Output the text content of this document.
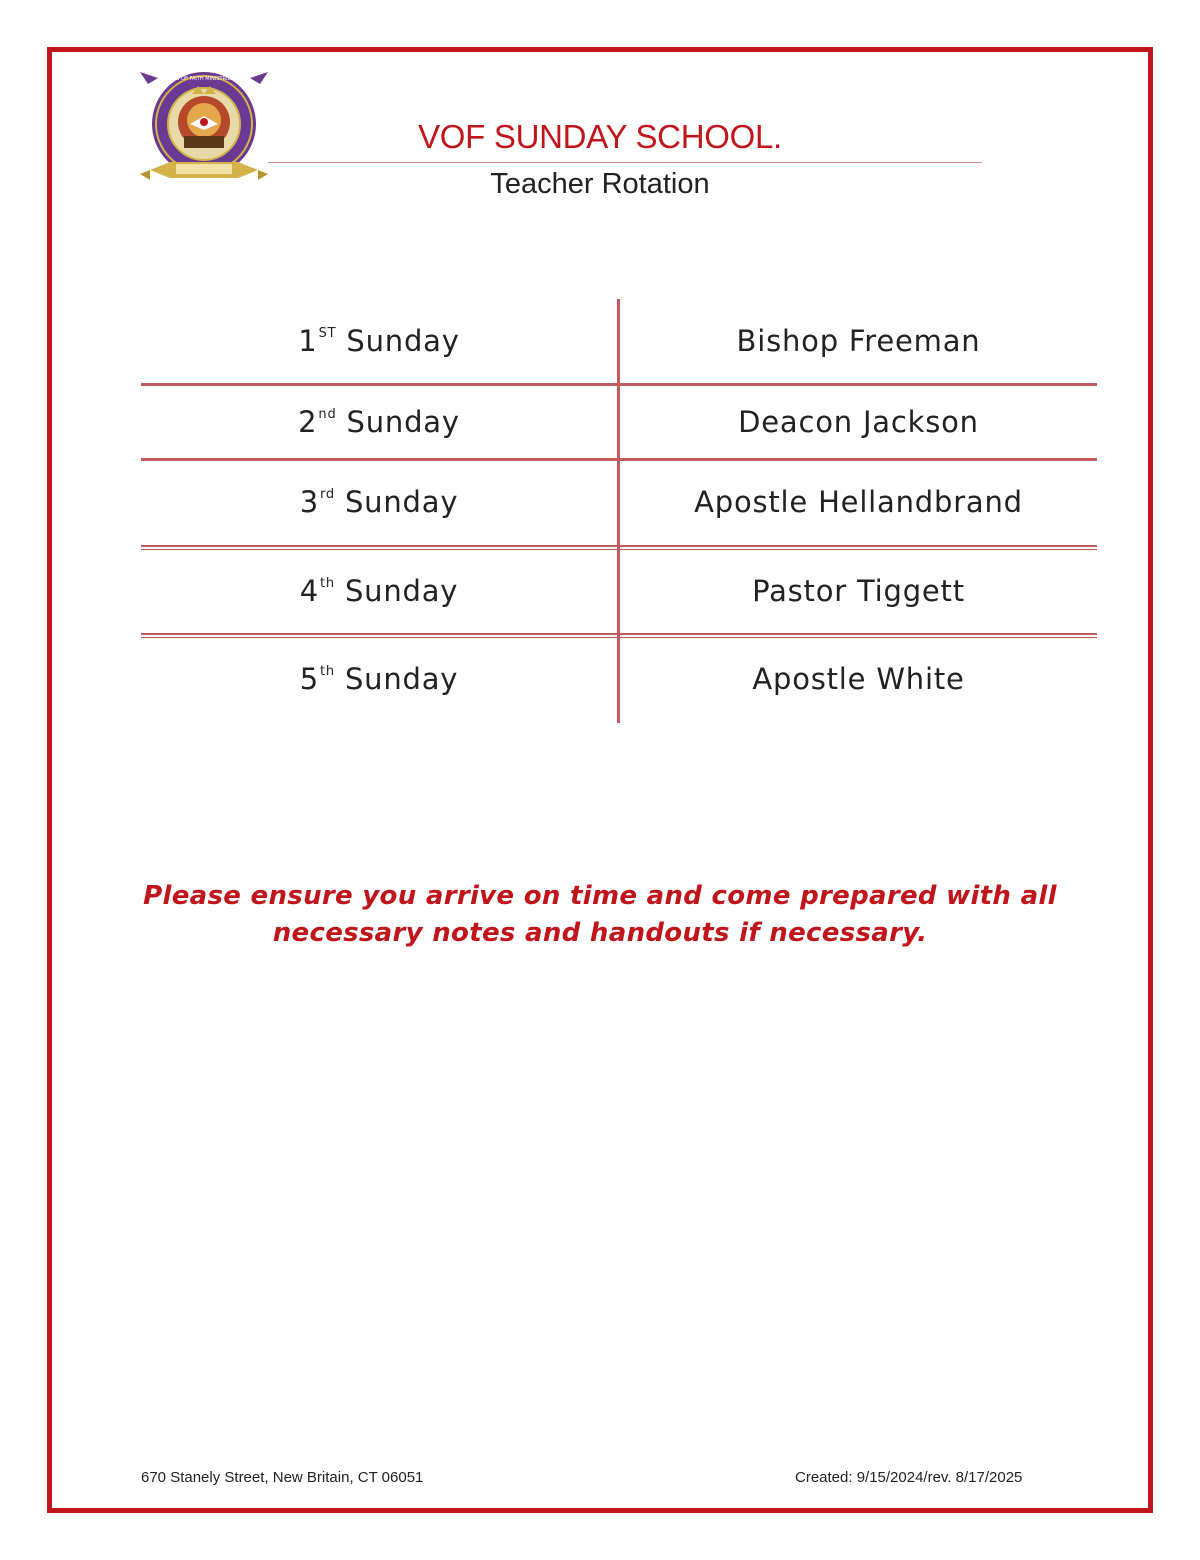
VISION OF FAITH MINISTRIES INC.
VOF SUNDAY SCHOOL.
Teacher Rotation
1ST Sunday	Bishop Freeman
2nd Sunday	Deacon Jackson
3rd Sunday	Apostle Hellandbrand
4th Sunday	Pastor Tiggett
5th Sunday	Apostle White
Please ensure you arrive on time and come prepared with all
necessary notes and handouts if necessary.
670 Stanely Street, New Britain, CT 06051	Created: 9/15/2024/rev. 8/17/2025
